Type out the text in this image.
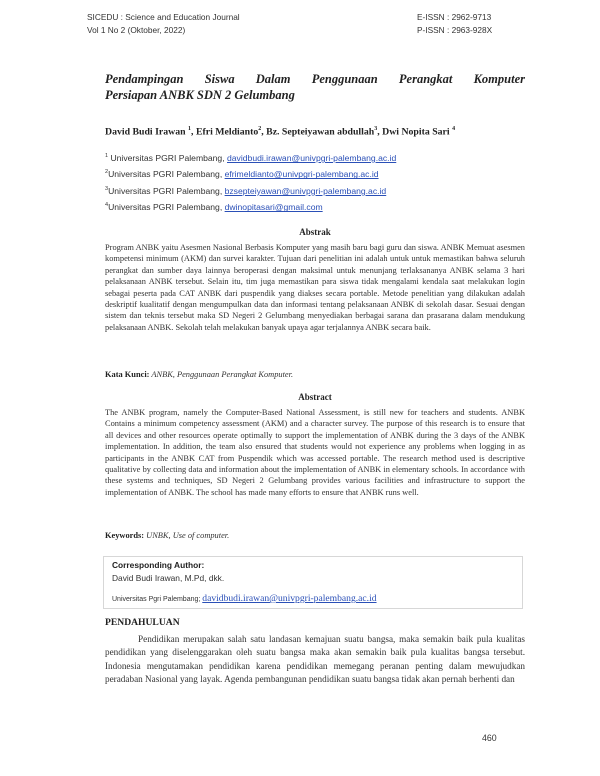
SICEDU : Science and Education Journal
Vol 1 No 2 (Oktober, 2022)
E-ISSN : 2962-9713
P-ISSN : 2963-928X
Pendampingan Siswa Dalam Penggunaan Perangkat Komputer
Persiapan ANBK SDN 2 Gelumbang
David Budi Irawan $^1$, Efri Meldianto$^2$, Bz. Septeiyawan abdullah$^3$, Dwi Nopita Sari $^4$
$^1$ Universitas PGRI Palembang, davidbudi.irawan@univpgri-palembang.ac.id
$^2$Universitas PGRI Palembang, efrimeldianto@univpgri-palembang.ac.id
$^3$Universitas PGRI Palembang, bzsepteiyawan@univpgri-palembang.ac.id
$^4$Universitas PGRI Palembang, dwinopitasari@gmail.com
Abstrak
Program ANBK yaitu Asesmen Nasional Berbasis Komputer yang masih baru bagi guru dan siswa. ANBK Memuat asesmen kompetensi minimum (AKM) dan survei karakter. Tujuan dari penelitian ini adalah untuk untuk memastikan bahwa seluruh perangkat dan sumber daya lainnya beroperasi dengan maksimal untuk menunjang terlaksananya ANBK selama 3 hari pelaksanaan ANBK tersebut. Selain itu, tim juga memastikan para siswa tidak mengalami kendala saat melakukan login sebagai peserta pada CAT ANBK dari puspendik yang diakses secara portable. Metode penelitian yang dilakukan adalah deskriptif kualitatif dengan mengumpulkan data dan informasi tentang pelaksanaan ANBK di sekolah dasar. Sesuai dengan sistem dan teknis tersebut maka SD Negeri 2 Gelumbang menyediakan berbagai sarana dan prasarana dalam mendukung pelaksanaan ANBK. Sekolah telah melakukan banyak upaya agar terjalannya ANBK secara baik.
Kata Kunci: ANBK, Penggunaan Perangkat Komputer.
Abstract
The ANBK program, namely the Computer-Based National Assessment, is still new for teachers and students. ANBK Contains a minimum competency assessment (AKM) and a character survey. The purpose of this research is to ensure that all devices and other resources operate optimally to support the implementation of ANBK during the 3 days of the ANBK implementation. In addition, the team also ensured that students would not experience any problems when logging in as participants in the ANBK CAT from Puspendik which was accessed portable. The research method used is descriptive qualitative by collecting data and information about the implementation of ANBK in elementary schools. In accordance with these systems and techniques, SD Negeri 2 Gelumbang provides various facilities and infrastructure to support the implementation of ANBK. The school has made many efforts to ensure that ANBK runs well.
Keywords: UNBK, Use of computer.
Corresponding Author:
David Budi Irawan, M.Pd, dkk.
Universitas Pgri Palembang; davidbudi.irawan@univpgri-palembang.ac.id
PENDAHULUAN
Pendidikan merupakan salah satu landasan kemajuan suatu bangsa, maka semakin baik pula kualitas pendidikan yang diselenggarakan oleh suatu bangsa maka akan semakin baik pula kualitas bangsa tersebut. Indonesia mengutamakan pendidikan karena pendidikan memegang peranan penting dalam mewujudkan peradaban Nasional yang layak. Agenda pembangunan pendidikan suatu bangsa tidak akan pernah berhenti dan
460
